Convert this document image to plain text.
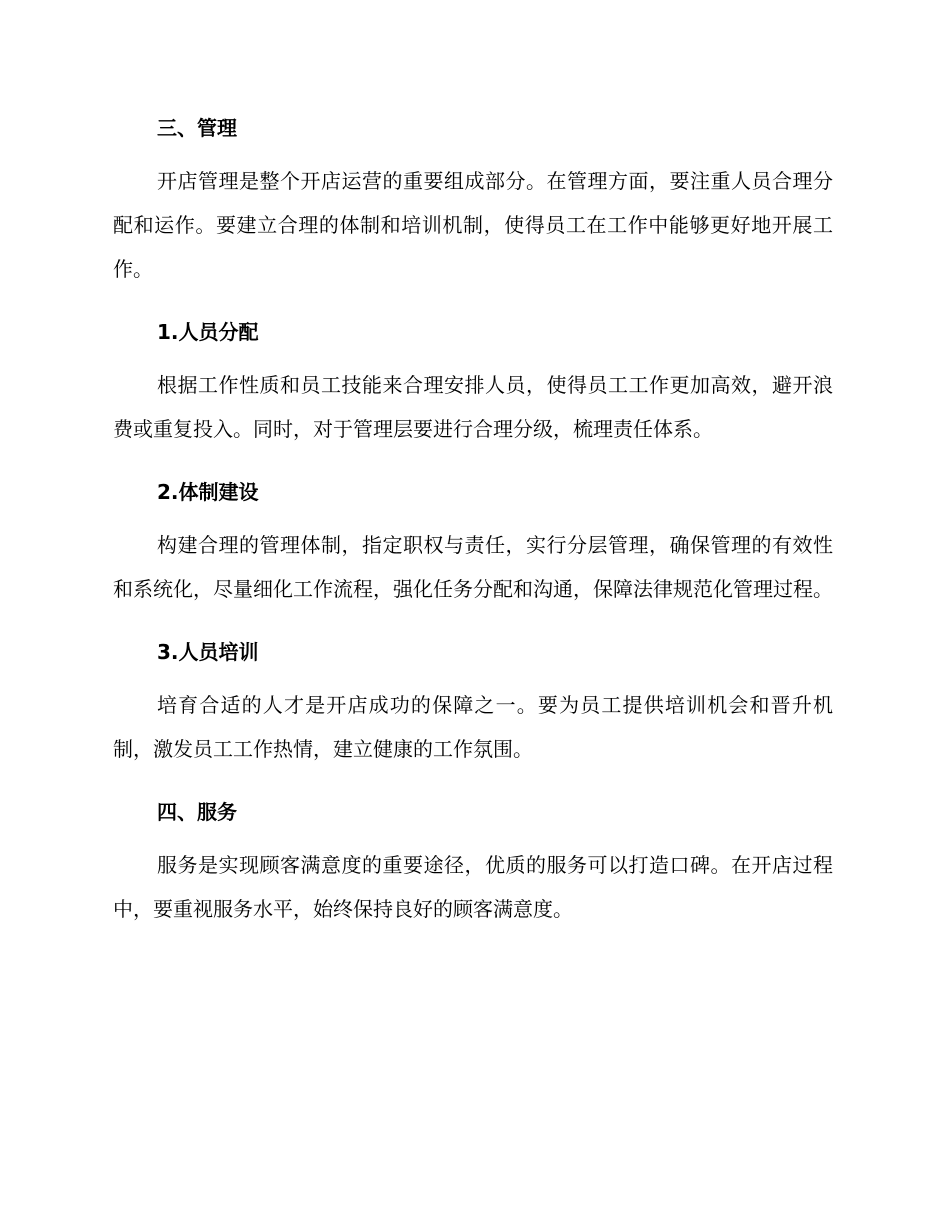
三、管理

开店管理是整个开店运营的重要组成部分。在管理方面，要注重人员合理分配和运作。要建立合理的体制和培训机制，使得员工在工作中能够更好地开展工作。

1.人员分配

根据工作性质和员工技能来合理安排人员，使得员工工作更加高效，避开浪费或重复投入。同时，对于管理层要进行合理分级，梳理责任体系。

2.体制建设

构建合理的管理体制，指定职权与责任，实行分层管理，确保管理的有效性和系统化，尽量细化工作流程，强化任务分配和沟通，保障法律规范化管理过程。

3.人员培训

培育合适的人才是开店成功的保障之一。要为员工提供培训机会和晋升机制，激发员工工作热情，建立健康的工作氛围。

四、服务

服务是实现顾客满意度的重要途径，优质的服务可以打造口碑。在开店过程中，要重视服务水平，始终保持良好的顾客满意度。
